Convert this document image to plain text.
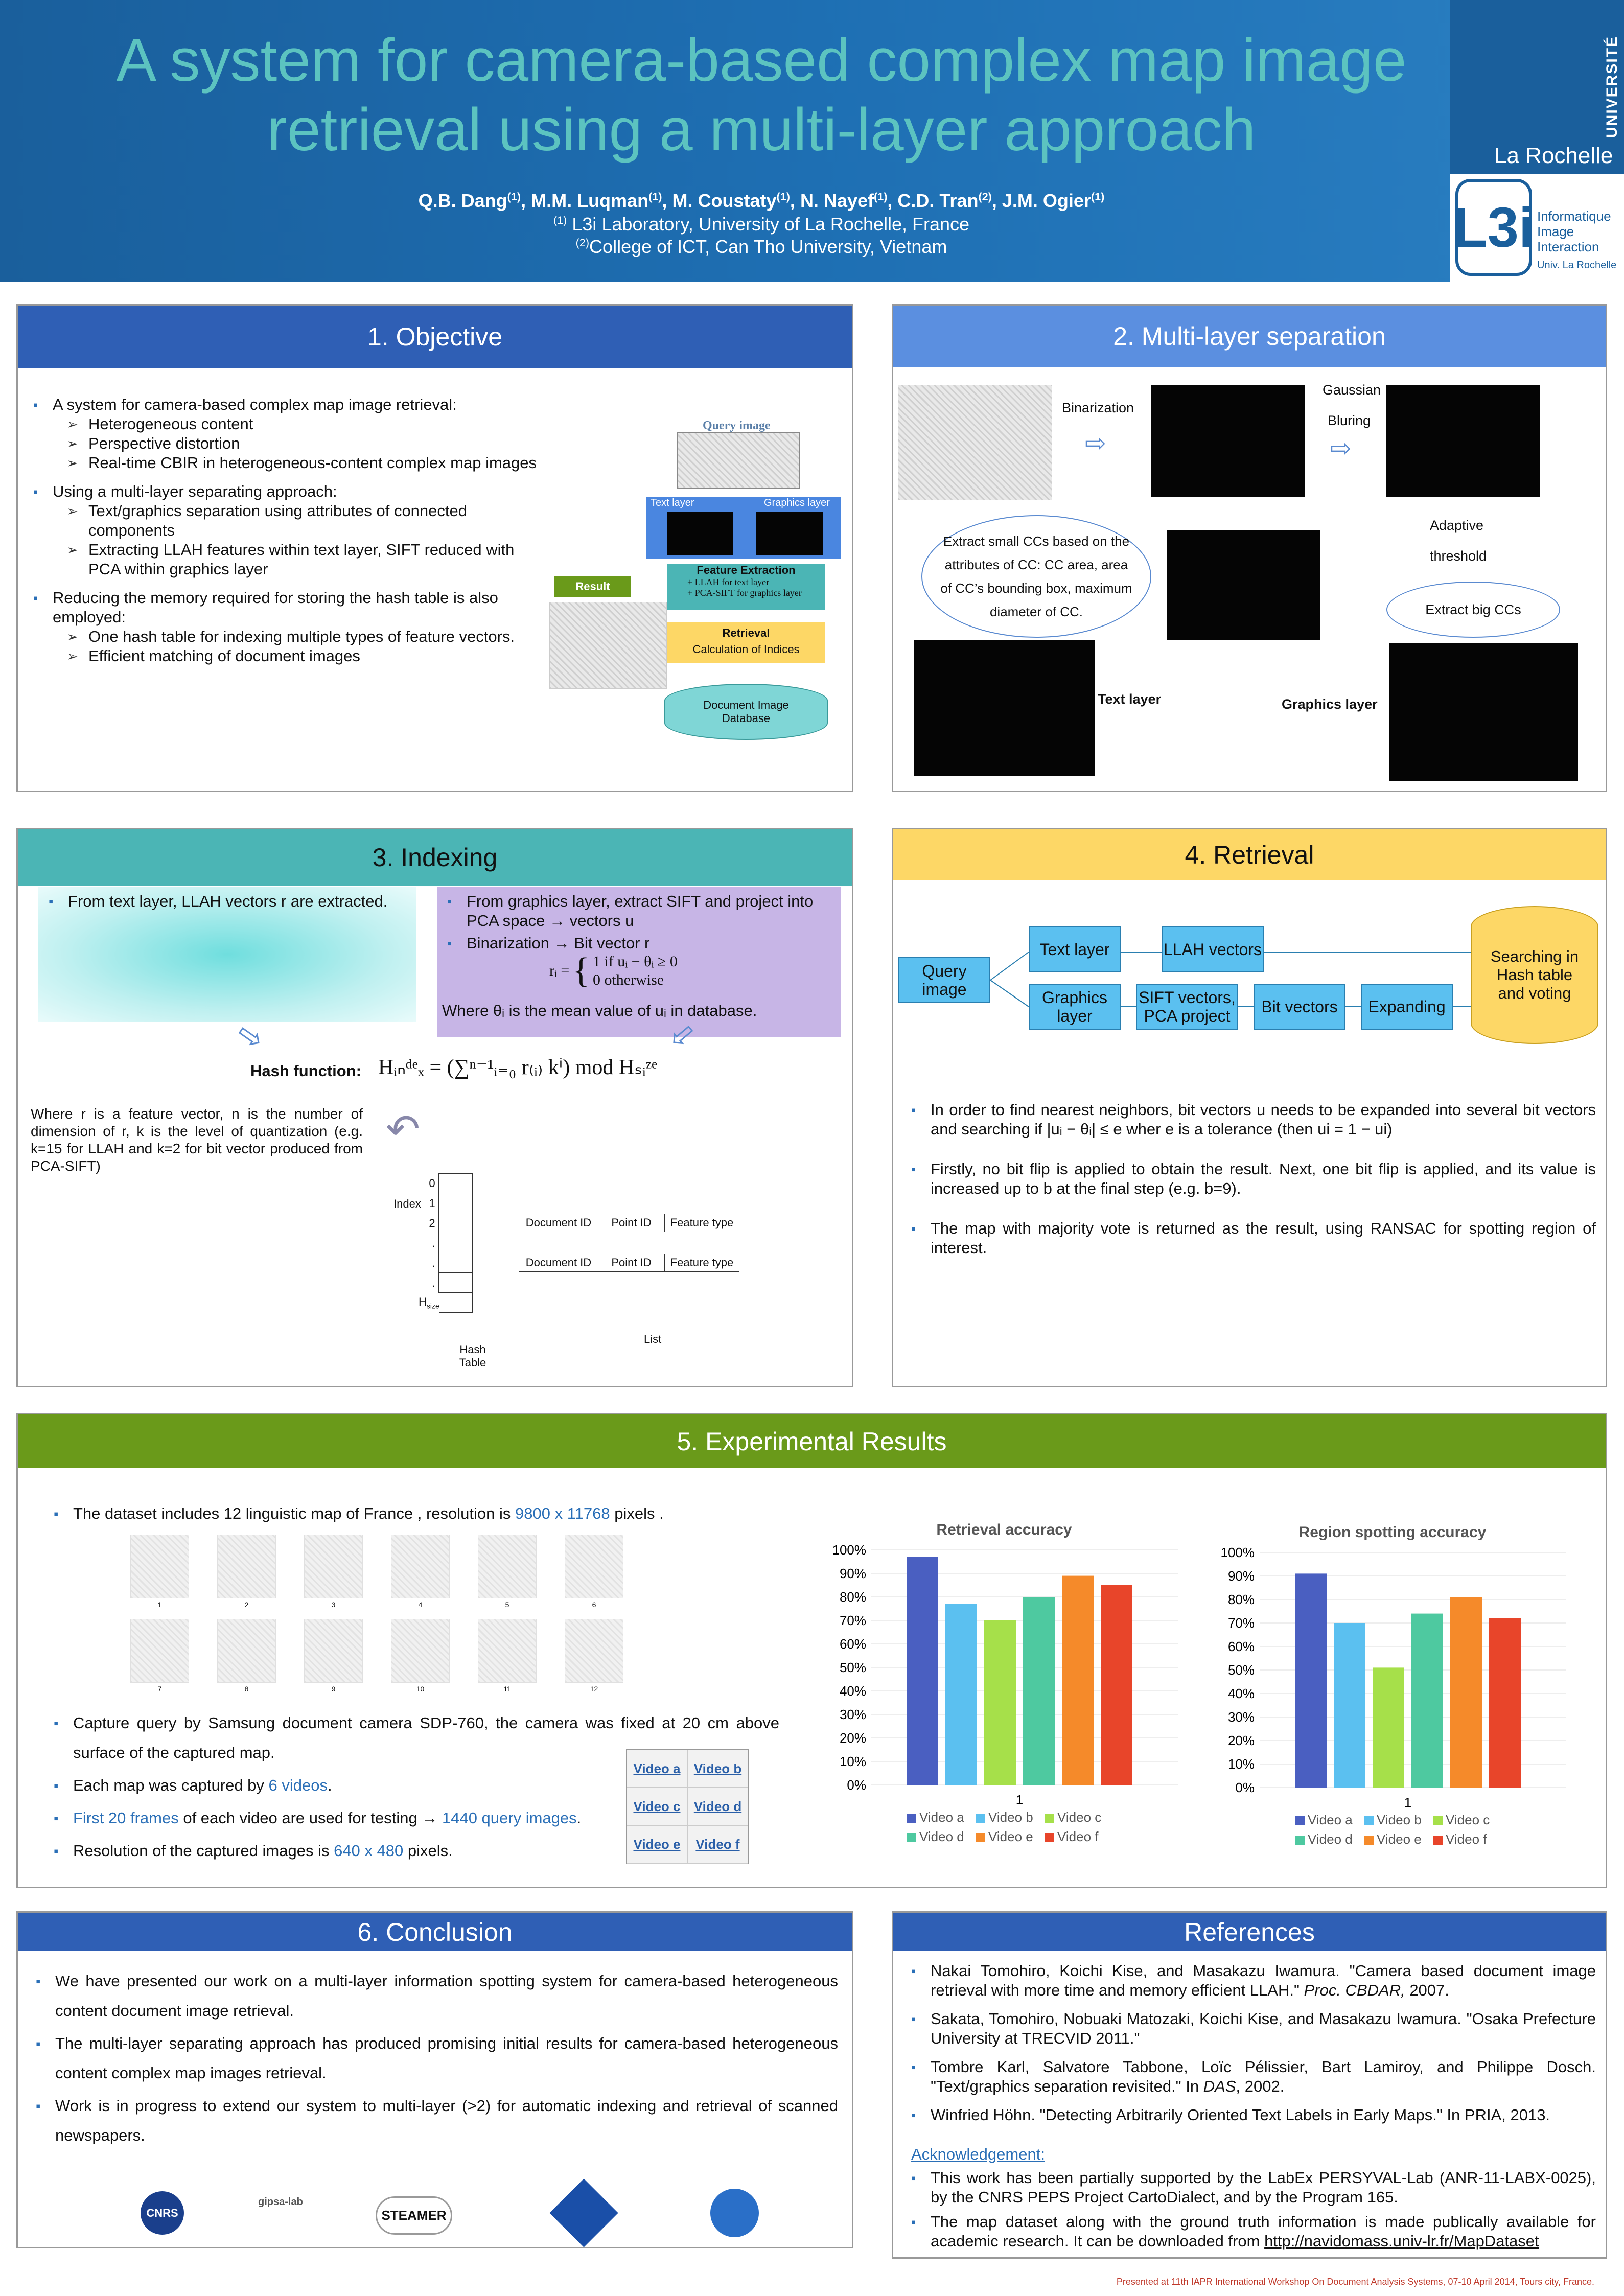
A system for camera-based complex map image
retrieval using a multi-layer approach
Q.B. Dang$^{(1)}$, M.M. Luqman$^{(1)}$, M. Coustaty$^{(1)}$, N. Nayef$^{(1)}$, C.D. Tran$^{(2)}$, J.M. Ogier$^{(1)}$
$^{(1)}$ L3i Laboratory, University of La Rochelle, France
$^{(2)}$College of ICT, Can Tho University, Vietnam
UNIVERSITÉ
La Rochelle
L3i Informatique
Image
Interaction
Univ. La Rochelle
1. Objective
▪ A system for camera-based complex map image retrieval:
➢ Heterogeneous content
➢ Perspective distortion
➢ Real-time CBIR in heterogeneous-content complex map images
▪ Using a multi-layer separating approach:
➢ Text/graphics separation using attributes of connected components
➢ Extracting LLAH features within text layer, SIFT reduced with PCA within graphics layer
▪ Reducing the memory required for storing the hash table is also employed:
➢ One hash table for indexing multiple types of feature vectors.
➢ Efficient matching of document images
Query image
Text layer	Graphics layer
Feature Extraction
+ LLAH for text layer
+ PCA-SIFT for graphics layer
Result
Retrieval
Calculation of Indices
Document Image Database
2. Multi-layer separation
Binarization
⇨
Gaussian
Bluring
⇨
Adaptive
threshold
Extract small CCs based on the attributes of CC: CC area, area of CC’s bounding box, maximum diameter of CC.	Extract big CCs
Text layer	Graphics layer
3. Indexing
▪ From text layer, LLAH vectors r are extracted.
▪	From graphics layer, extract SIFT and project into PCA space → vectors u
▪ Binarization → Bit vector r
rᵢ = { 1 if uᵢ − θᵢ ≥ 0
0 otherwise
Where θᵢ is the mean value of uᵢ in database.
⇨	⇨
Hash function: Hᵢₙᵈᵉₓ = (∑ⁿ⁻¹ᵢ₌₀ r₍ᵢ₎ kⁱ) mod Hₛᵢᶻᵉ
Where r is a feature vector, n is the number of dimension of r, k is the level of quantization (e.g. k=15 for LLAH and k=2 for bit vector produced from PCA-SIFT)
↶
Index
0
1
2
.
.
.
$H_{size}$
Hash Table
Document ID	Point ID	Feature type
Document ID	Point ID	Feature type
List
4. Retrieval
Query image
Text layer	LLAH vectors
Graphics layer
SIFT vectors, PCA project	Bit vectors	Expanding
Searching in Hash table and voting
▪ In order to find nearest neighbors, bit vectors u needs to be expanded into several bit vectors and searching if |uᵢ − θᵢ| ≤ e wher e is a tolerance (then ui = 1 − ui)
▪ Firstly, no bit flip is applied to obtain the result. Next, one bit flip is applied, and its value is increased up to b at the final step (e.g. b=9).
▪ The map with majority vote is returned as the result, using RANSAC for spotting region of interest.
5. Experimental Results
▪ The dataset includes 12 linguistic map of France , resolution is 9800 x 11768 pixels .
1	2	3	4	5	6
7	8	9	10	11	12
▪ Capture query by Samsung document camera SDP-760, the camera was fixed at 20 cm above surface of the captured map.
▪ Each map was captured by 6 videos.
▪ First 20 frames of each video are used for testing → 1440 query images.
▪ Resolution of the captured images is 640 x 480 pixels.
Video a	Video b
Video c	Video d
Video e	Video f
Retrieval accuracy
0%
10%
20%
30%
40%
50%
60%
70%
80%
90%
100%
1
Video a Video b Video c
Video d Video e Video f
Region spotting accuracy
0%
10%
20%
30%
40%
50%
60%
70%
80%
90%
100%
1
Video a Video b Video c
Video d Video e Video f
6. Conclusion
▪ We have presented our work on a multi-layer information spotting system for camera-based heterogeneous content document image retrieval.
▪ The multi-layer separating approach has produced promising initial results for camera-based heterogeneous content complex map images retrieval.
▪ Work is in progress to extend our system to multi-layer (>2) for automatic indexing and retrieval of scanned newspapers.
CNRS
gipsa-lab
STEAMER
References
▪ Nakai Tomohiro, Koichi Kise, and Masakazu Iwamura. "Camera based document image retrieval with more time and memory efficient LLAH." Proc. CBDAR, 2007.
▪ Sakata, Tomohiro, Nobuaki Matozaki, Koichi Kise, and Masakazu Iwamura. "Osaka Prefecture University at TRECVID 2011."
▪ Tombre Karl, Salvatore Tabbone, Loïc Pélissier, Bart Lamiroy, and Philippe Dosch. "Text/graphics separation revisited." In DAS, 2002.
▪ Winfried Höhn. "Detecting Arbitrarily Oriented Text Labels in Early Maps." In PRIA, 2013.
Acknowledgement:
▪ This work has been partially supported by the LabEx PERSYVAL-Lab (ANR-11-LABX-0025), by the CNRS PEPS Project CartoDialect, and by the Program 165.
▪ The map dataset along with the ground truth information is made publically available for academic research. It can be downloaded from http://navidomass.univ-lr.fr/MapDataset
Presented at 11th IAPR International Workshop On Document Analysis Systems, 07-10 April 2014, Tours city, France.
